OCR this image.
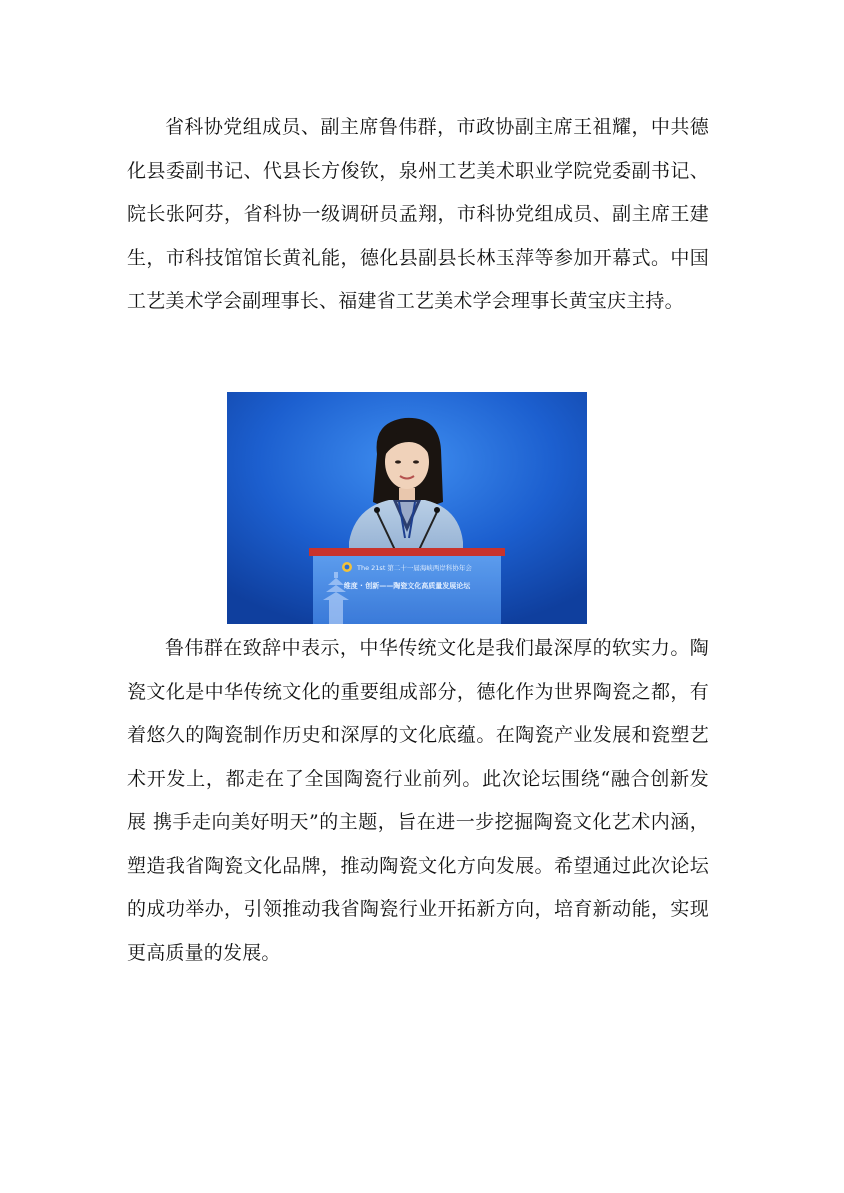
省科协党组成员、副主席鲁伟群，市政协副主席王祖耀，中共德化县委副书记、代县长方俊钦，泉州工艺美术职业学院党委副书记、院长张阿芬，省科协一级调研员孟翔，市科协党组成员、副主席王建生，市科技馆馆长黄礼能，德化县副县长林玉萍等参加开幕式。中国工艺美术学会副理事长、福建省工艺美术学会理事长黄宝庆主持。

The 21st 第二十一届海峡两岸科协年会
维度 · 创新——陶瓷文化高质量发展论坛

鲁伟群在致辞中表示，中华传统文化是我们最深厚的软实力。陶瓷文化是中华传统文化的重要组成部分，德化作为世界陶瓷之都，有着悠久的陶瓷制作历史和深厚的文化底蕴。在陶瓷产业发展和瓷塑艺术开发上，都走在了全国陶瓷行业前列。此次论坛围绕“融合创新发展 携手走向美好明天”的主题，旨在进一步挖掘陶瓷文化艺术内涵，塑造我省陶瓷文化品牌，推动陶瓷文化方向发展。希望通过此次论坛的成功举办，引领推动我省陶瓷行业开拓新方向，培育新动能，实现更高质量的发展。
